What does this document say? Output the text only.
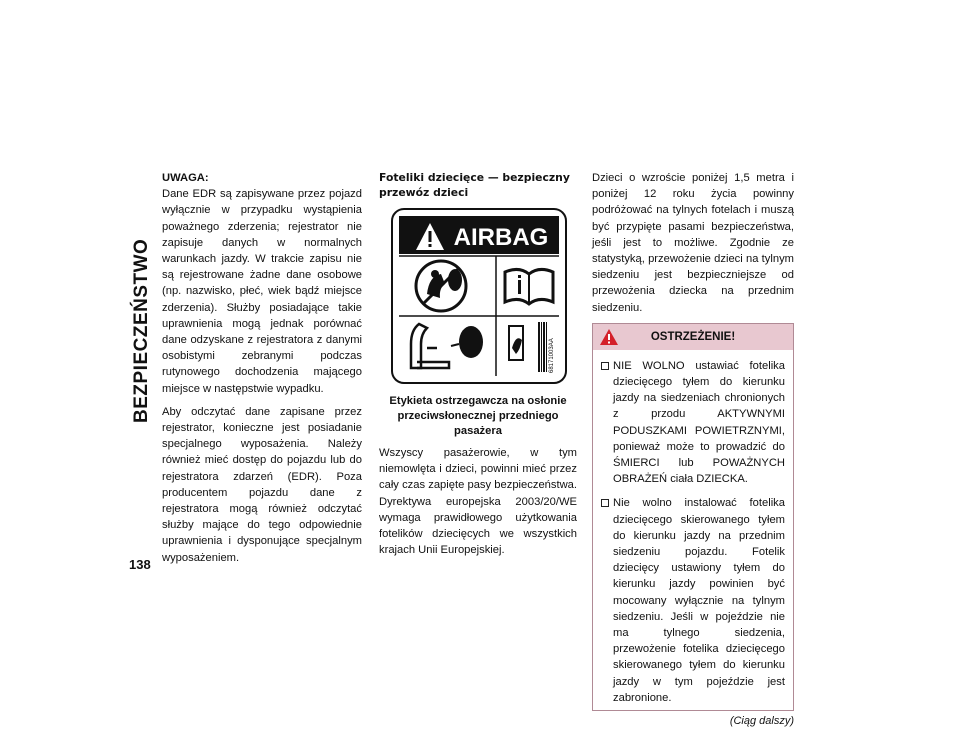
BEZPIECZEŃSTWO
138

UWAGA:

Dane EDR są zapisywane przez pojazd wyłącznie w przypadku wystąpienia poważnego zderzenia; rejestrator nie zapisuje danych w normalnych warunkach jazdy. W trakcie zapisu nie są rejestrowane żadne dane osobowe (np. nazwisko, płeć, wiek bądź miejsce zderzenia). Służby posiadające takie uprawnienia mogą jednak porównać dane odzyskane z rejestratora z danymi osobistymi zebranymi podczas rutynowego dochodzenia mającego miejsce w następstwie wypadku.

Aby odczytać dane zapisane przez rejestrator, konieczne jest posiadanie specjalnego wyposażenia. Należy również mieć dostęp do pojazdu lub do rejestratora zdarzeń (EDR). Poza producentem pojazdu dane z rejestratora mogą również odczytać służby mające do tego odpowiednie uprawnienia i dysponujące specjalnym wyposażeniem.

Foteliki dziecięce — bezpieczny przewóz dzieci

AIRBAG
68171003AA

Etykieta ostrzegawcza na osłonie przeciwsłonecznej przedniego pasażera

Wszyscy pasażerowie, w tym niemowlęta i dzieci, powinni mieć przez cały czas zapięte pasy bezpieczeństwa. Dyrektywa europejska 2003/20/WE wymaga prawidłowego użytkowania fotelików dziecięcych we wszystkich krajach Unii Europejskiej.

Dzieci o wzroście poniżej 1,5 metra i poniżej 12 roku życia powinny podróżować na tylnych fotelach i muszą być przypięte pasami bezpieczeństwa, jeśli jest to możliwe. Zgodnie ze statystyką, przewożenie dzieci na tylnym siedzeniu jest bezpieczniejsze od przewożenia dziecka na przednim siedzeniu.

OSTRZEŻENIE!
NIE WOLNO ustawiać fotelika dziecięcego tyłem do kierunku jazdy na siedzeniach chronionych z przodu AKTYWNYMI PODUSZKAMI POWIETRZNYMI, ponieważ może to prowadzić do ŚMIERCI lub POWAŻNYCH OBRAŻEŃ ciała DZIECKA.
Nie wolno instalować fotelika dziecięcego skierowanego tyłem do kierunku jazdy na przednim siedzeniu pojazdu. Fotelik dziecięcy ustawiony tyłem do kierunku jazdy powinien być mocowany wyłącznie na tylnym siedzeniu. Jeśli w pojeździe nie ma tylnego siedzenia, przewożenie fotelika dziecięcego skierowanego tyłem do kierunku jazdy w tym pojeździe jest zabronione.
(Ciąg dalszy)
